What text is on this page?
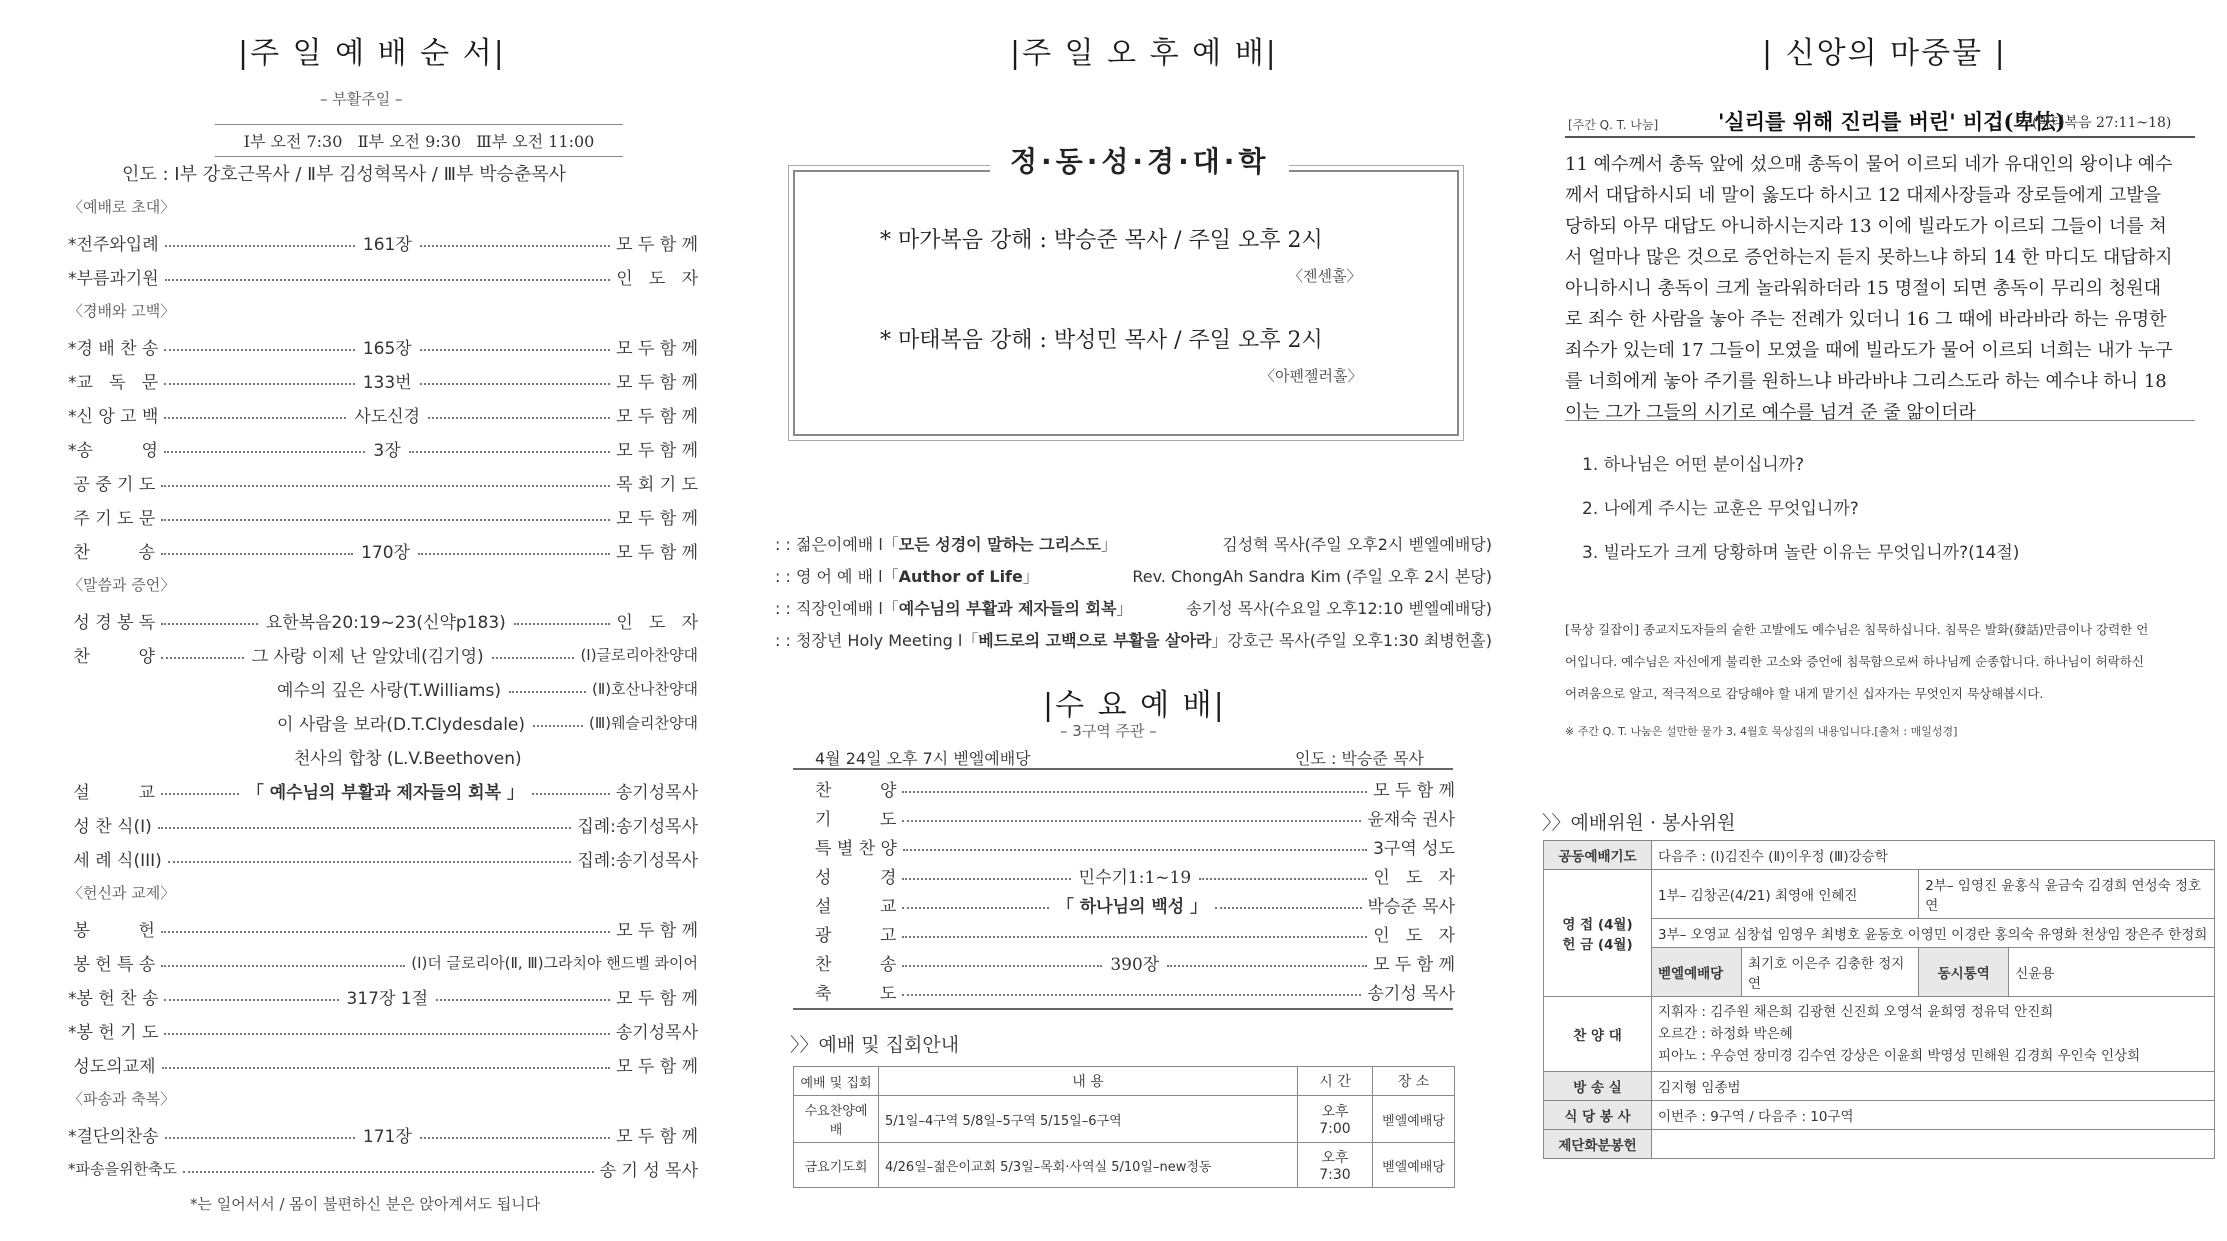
|주 일 예 배 순 서|
– 부활주일 –
Ⅰ부 오전 7:30   Ⅱ부 오전 9:30   Ⅲ부 오전 11:00
인도 : Ⅰ부 강호근목사 / Ⅱ부 김성혁목사 / Ⅲ부 박승춘목사
〈예배로 초대〉
*전주와입례	161장	모 두 함 께
*부름과기원	인   도   자
〈경배와 고백〉
*경 배 찬 송	165장	모 두 함 께
*교   독   문	133번	모 두 함 께
*신 앙 고 백	사도신경	모 두 함 께
*송         영	3장	모 두 함 께
공 중 기 도	목 회 기 도
주 기 도 문	모 두 함 께
찬         송	170장	모 두 함 께
〈말씀과 증언〉
성 경 봉 독	요한복음20:19~23(신약p183)	인   도   자
찬         양	그 사랑 이제 난 알았네(김기영)	(Ⅰ)글로리아찬양대
예수의 깊은 사랑(T.Williams)	(Ⅱ)호산나찬양대
이 사람을 보라(D.T.Clydesdale)	(Ⅲ)웨슬리찬양대
천사의 합창 (L.V.Beethoven)
설         교	「 예수님의 부활과 제자들의 회복 」	송기성목사
성 찬 식(I)	집례:송기성목사
세 례 식(III)	집례:송기성목사
〈헌신과 교제〉
봉         헌	모 두 함 께
봉 헌 특 송	(Ⅰ)더 글로리아(Ⅱ, Ⅲ)그라치아 핸드벨 콰이어
*봉 헌 찬 송	317장 1절	모 두 함 께
*봉 헌 기 도	송기성목사
성도의교제	모 두 함 께
〈파송과 축복〉
*결단의찬송	171장	모 두 함 께
*파송을위한축도	송 기 성 목사
*는 일어서서 / 몸이 불편하신 분은 앉아계셔도 됩니다
|주 일 오 후 예 배|
정·동·성·경·대·학
* 마가복음 강해 : 박승준 목사 / 주일 오후 2시
〈젠센홀〉
* 마태복음 강해 : 박성민 목사 / 주일 오후 2시
〈아펜젤러홀〉
: : 젊은이예배 l「모든 성경이 말하는 그리스도」	김성혁 목사(주일 오후2시 벧엘예배당)
: : 영 어 예 배 l「Author of Life」	Rev. ChongAh Sandra Kim (주일 오후 2시 본당)
: : 직장인예배 l「예수님의 부활과 제자들의 회복」	송기성 목사(수요일 오후12:10 벧엘예배당)
: : 청장년 Holy Meeting l「베드로의 고백으로 부활을 살아라」 강호근 목사(주일 오후1:30 최병헌홀)
|수 요 예 배|
– 3구역 주관 –
4월 24일 오후 7시 벧엘예배당	인도 : 박승준 목사
찬         양	모 두 함 께
기         도	윤재숙 권사
특 별 찬 양	3구역 성도
성         경	민수기1:1~19	인   도   자
설         교	「 하나님의 백성 」	박승준 목사
광         고	인   도   자
찬         송	390장	모 두 함 께
축         도	송기성 목사
〉〉예배 및 집회안내
예배 및 집회	내 용	시 간	장 소
수요찬양예배	5/1일–4구역 5/8일–5구역 5/15일–6구역	오후 7:00	벧엘예배당
금요기도회	4/26일–젊은이교회 5/3일–목회·사역실 5/10일–new정동	오후 7:30	벧엘예배당
| 신앙의 마중물 |
[주간 Q. T. 나눔]	'실리를 위해 진리를 버린' 비겁(卑怯)
(마태복음 27:11~18)
11 예수께서 총독 앞에 섰으매 총독이 물어 이르되 네가 유대인의 왕이냐 예수
께서 대답하시되 네 말이 옳도다 하시고 12 대제사장들과 장로들에게 고발을
당하되 아무 대답도 아니하시는지라 13 이에 빌라도가 이르되 그들이 너를 쳐
서 얼마나 많은 것으로 증언하는지 듣지 못하느냐 하되 14 한 마디도 대답하지
아니하시니 총독이 크게 놀라워하더라 15 명절이 되면 총독이 무리의 청원대
로 죄수 한 사람을 놓아 주는 전례가 있더니 16 그 때에 바라바라 하는 유명한
죄수가 있는데 17 그들이 모였을 때에 빌라도가 물어 이르되 너희는 내가 누구
를 너희에게 놓아 주기를 원하느냐 바라바냐 그리스도라 하는 예수냐 하니 18
이는 그가 그들의 시기로 예수를 넘겨 준 줄 앎이더라
1. 하나님은 어떤 분이십니까?
2. 나에게 주시는 교훈은 무엇입니까?
3. 빌라도가 크게 당황하며 놀란 이유는 무엇입니까?(14절)
[묵상 길잡이] 종교지도자들의 숱한 고발에도 예수님은 침묵하십니다. 침묵은 발화(發話)만큼이나 강력한 언
어입니다. 예수님은 자신에게 불리한 고소와 증언에 침묵함으로써 하나님께 순종합니다. 하나님이 허락하신
어려움으로 알고, 적극적으로 감당해야 할 내게 맡기신 십자가는 무엇인지 묵상해봅시다.
※ 주간 Q. T. 나눔은 설만한 물가 3, 4월호 묵상집의 내용입니다.[출처 : 매일성경]
〉〉예배위원 · 봉사위원
공동예배기도	다음주 : (Ⅰ)김진수 (Ⅱ)이우정 (Ⅲ)강승학			

영 접 (4월)
헌 금 (4월)	1부– 김창곤(4/21) 최영애 인혜진		2부– 임영진 윤홍식 윤금숙 김경희 연성숙 정호연	
	3부– 오영교 심창섭 임영우 최병호 윤동호 이영민 이경란 홍의숙 유영화 천상임 장은주 한정희			
	벧엘예배당	최기호 이은주 김충한 정지연	동시통역	신윤용
찬 양 대	지휘자 : 김주원 채은희 김광현 신진희 오영석 윤희영 정유덕 안진희
오르간 : 하정화 박은혜
피아노 : 우승연 장미경 김수연 강상은 이윤희 박영성 민해원 김경희 우인숙 인상희			

방 송 실	김지형 임종범			
식 당 봉 사	이번주 : 9구역 / 다음주 : 10구역			
제단화분봉헌				
